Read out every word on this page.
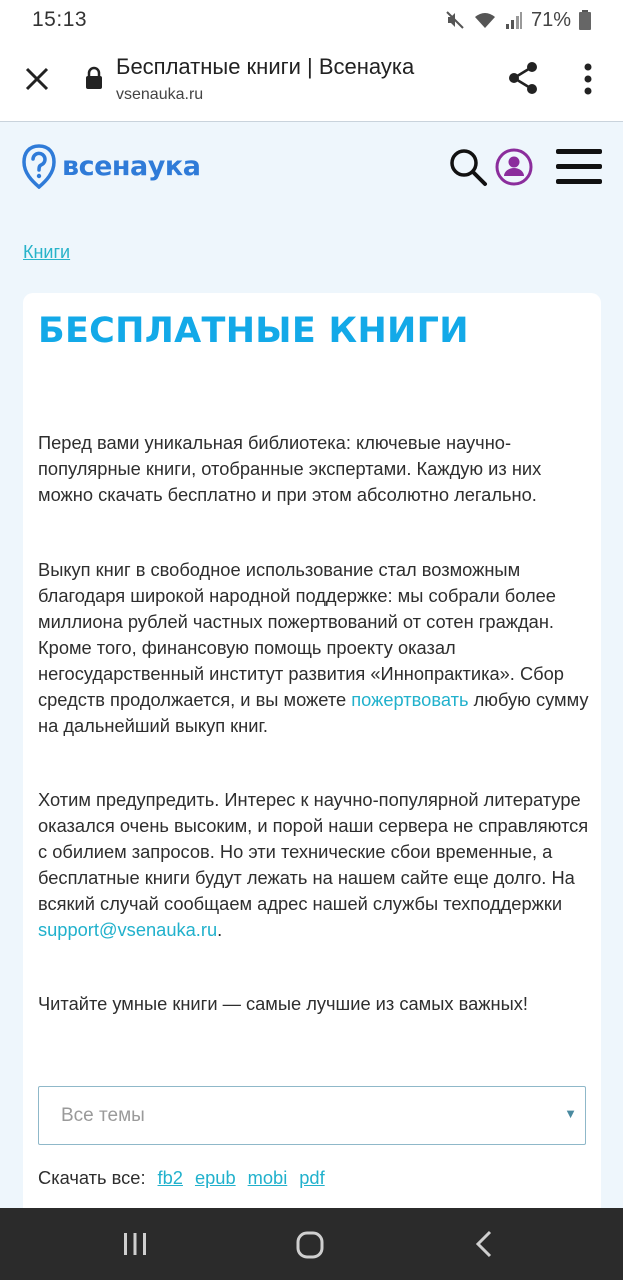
15:13	71%
Бесплатные книги | Всенаука
vsenauka.ru
всенаука
Книги
БЕСПЛАТНЫЕ КНИГИ

Перед вами уникальная библиотека: ключевые научно-популярные книги, отобранные экспертами. Каждую из них можно скачать бесплатно и при этом абсолютно легально.

Выкуп книг в свободное использование стал возможным благодаря широкой народной поддержке: мы собрали более миллиона рублей частных пожертвований от сотен граждан. Кроме того, финансовую помощь проекту оказал негосударственный институт развития «Иннопрактика». Сбор средств продолжается, и вы можете пожертвовать любую сумму на дальнейший выкуп книг.

Хотим предупредить. Интерес к научно-популярной литературе оказался очень высоким, и порой наши сервера не справляются с обилием запросов. Но эти технические сбои временные, а бесплатные книги будут лежать на нашем сайте еще долго. На всякий случай сообщаем адрес нашей службы техподдержки support@vsenauka.ru.

Читайте умные книги — самые лучшие из самых важных!

Все темы	▼
Скачать все: fb2 epub mobi pdf
